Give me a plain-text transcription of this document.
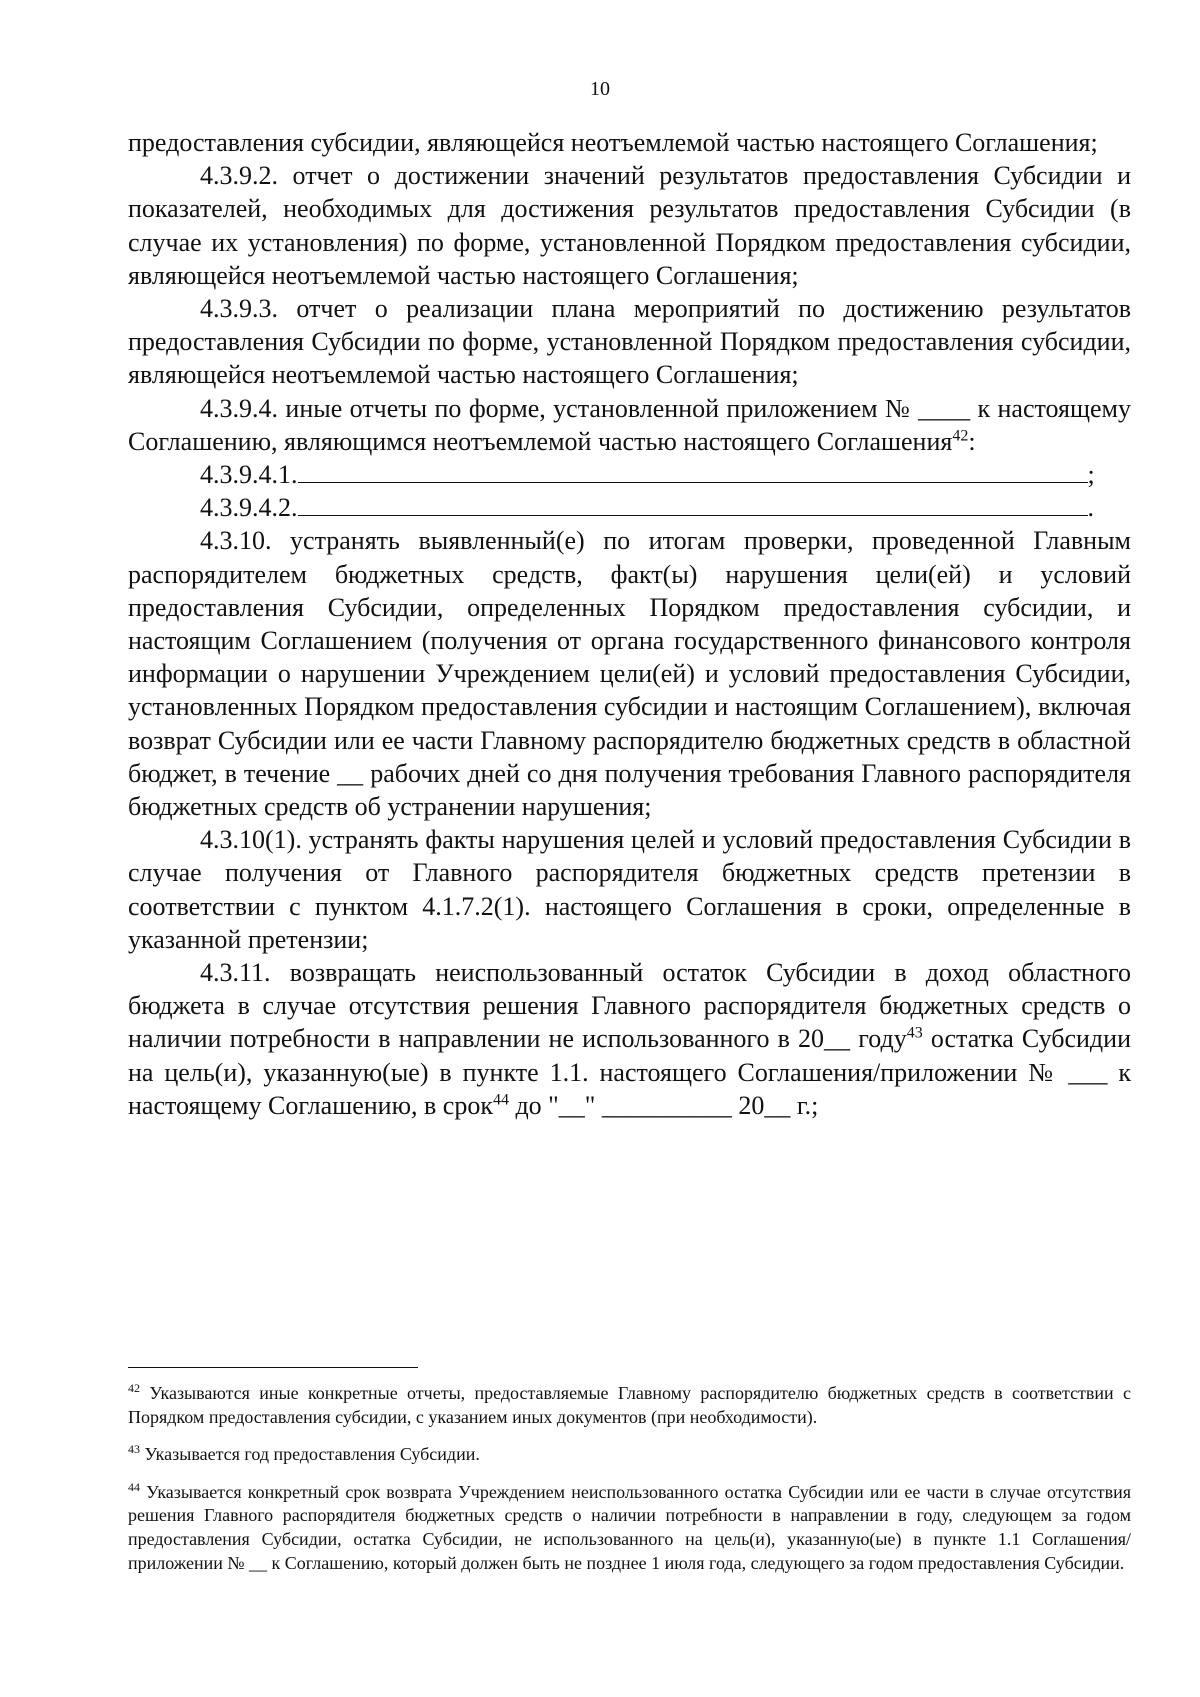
10

предоставления субсидии, являющейся неотъемлемой частью настоящего Соглашения;

4.3.9.2. отчет о достижении значений результатов предоставления Субсидии и показателей, необходимых для достижения результатов предоставления Субсидии (в случае их установления) по форме, установленной Порядком предоставления субсидии, являющейся неотъемлемой частью настоящего Соглашения;

4.3.9.3. отчет о реализации плана мероприятий по достижению результатов предоставления Субсидии по форме, установленной Порядком предоставления субсидии, являющейся неотъемлемой частью настоящего Соглашения;

4.3.9.4. иные отчеты по форме, установленной приложением № ____ к настоящему Соглашению, являющимся неотъемлемой частью настоящего Соглашения$^{42}$:

4.3.9.4.1.	;
4.3.9.4.2.	.

4.3.10. устранять выявленный(е) по итогам проверки, проведенной Главным распорядителем бюджетных средств, факт(ы) нарушения цели(ей) и условий предоставления Субсидии, определенных Порядком предоставления субсидии, и настоящим Соглашением (получения от органа государственного финансового контроля информации о нарушении Учреждением цели(ей) и условий предоставления Субсидии, установленных Порядком предоставления субсидии и настоящим Соглашением), включая возврат Субсидии или ее части Главному распорядителю бюджетных средств в областной бюджет, в течение __ рабочих дней со дня получения требования Главного распорядителя бюджетных средств об устранении нарушения;

4.3.10(1). устранять факты нарушения целей и условий предоставления Субсидии в случае получения от Главного распорядителя бюджетных средств претензии в соответствии с пунктом 4.1.7.2(1). настоящего Соглашения в сроки, определенные в указанной претензии;

4.3.11. возвращать неиспользованный остаток Субсидии в доход областного бюджета в случае отсутствия решения Главного распорядителя бюджетных средств о наличии потребности в направлении не использованного в 20__ году$^{43}$ остатка Субсидии на цель(и), указанную(ые) в пункте 1.1. настоящего Соглашения/приложении № ___ к настоящему Соглашению, в срок$^{44}$ до "__" __________ 20__ г.;

$^{42}$ Указываются иные конкретные отчеты, предоставляемые Главному распорядителю бюджетных средств в соответствии с Порядком предоставления субсидии, с указанием иных документов (при необходимости).

$^{43}$ Указывается год предоставления Субсидии.

$^{44}$ Указывается конкретный срок возврата Учреждением неиспользованного остатка Субсидии или ее части в случае отсутствия решения Главного распорядителя бюджетных средств о наличии потребности в направлении в году, следующем за годом предоставления Субсидии, остатка Субсидии, не использованного на цель(и), указанную(ые) в пункте 1.1 Соглашения/приложении № __ к Соглашению, который должен быть не позднее 1 июля года, следующего за годом предоставления Субсидии.
